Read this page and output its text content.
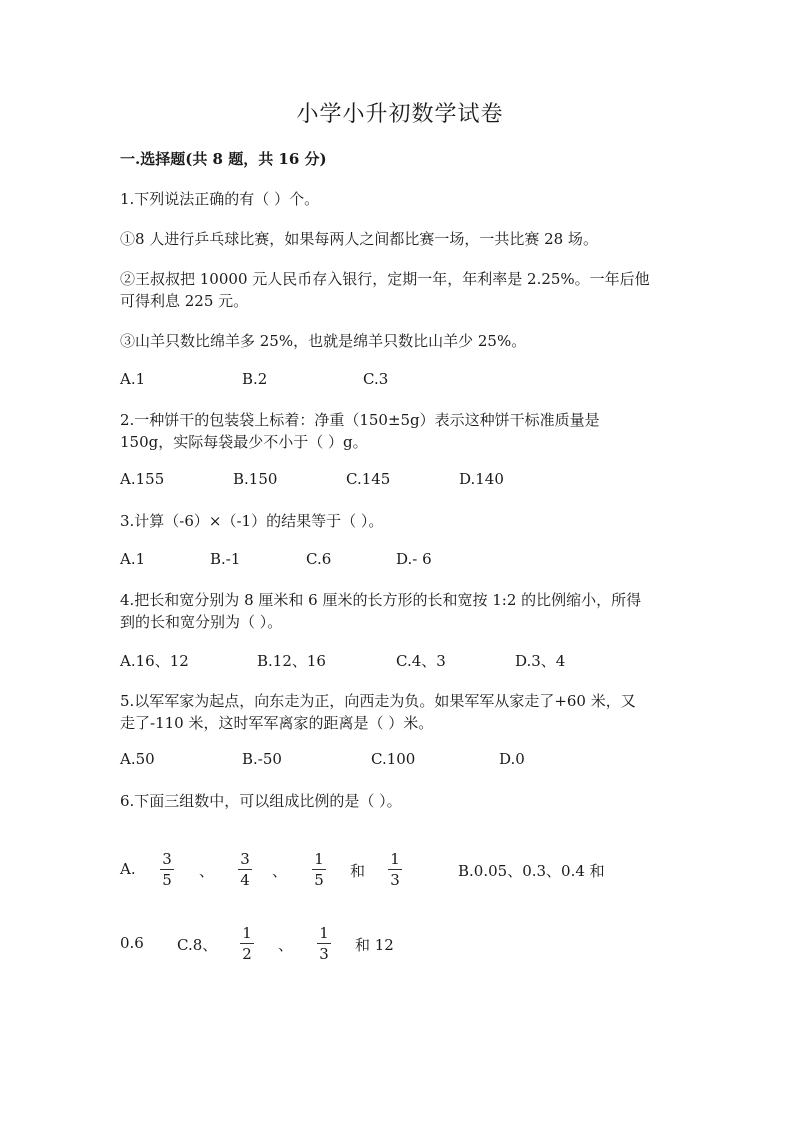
小学小升初数学试卷
一.选择题(共 8 题，共 16 分)
1.下列说法正确的有（ ）个。
①8 人进行乒乓球比赛，如果每两人之间都比赛一场，一共比赛 28 场。
②王叔叔把 10000 元人民币存入银行，定期一年，年利率是 2.25%。一年后他
可得利息 225 元。
③山羊只数比绵羊多 25%，也就是绵羊只数比山羊少 25%。
A.1	B.2	C.3
2.一种饼干的包装袋上标着：净重（150±5g）表示这种饼干标准质量是
150g，实际每袋最少不小于（ ）g。
A.155	B.150	C.145	D.140
3.计算（-6）×（-1）的结果等于（ ）。
A.1	B.-1	C.6	D.- 6
4.把长和宽分别为 8 厘米和 6 厘米的长方形的长和宽按 1:2 的比例缩小，所得
到的长和宽分别为（ ）。
A.16、12	B.12、16	C.4、3	D.3、4
5.以军军家为起点，向东走为正，向西走为负。如果军军从家走了+60 米，又
走了-110 米，这时军军离家的距离是（ ）米。
A.50	B.-50	C.100	D.0
6.下面三组数中，可以组成比例的是（ ）。
A.
3
5	、
3
4	、
1
5	和
1
3	B.0.05、0.3、0.4 和
0.6 C.8、
1
2	、
1
3	和 12
